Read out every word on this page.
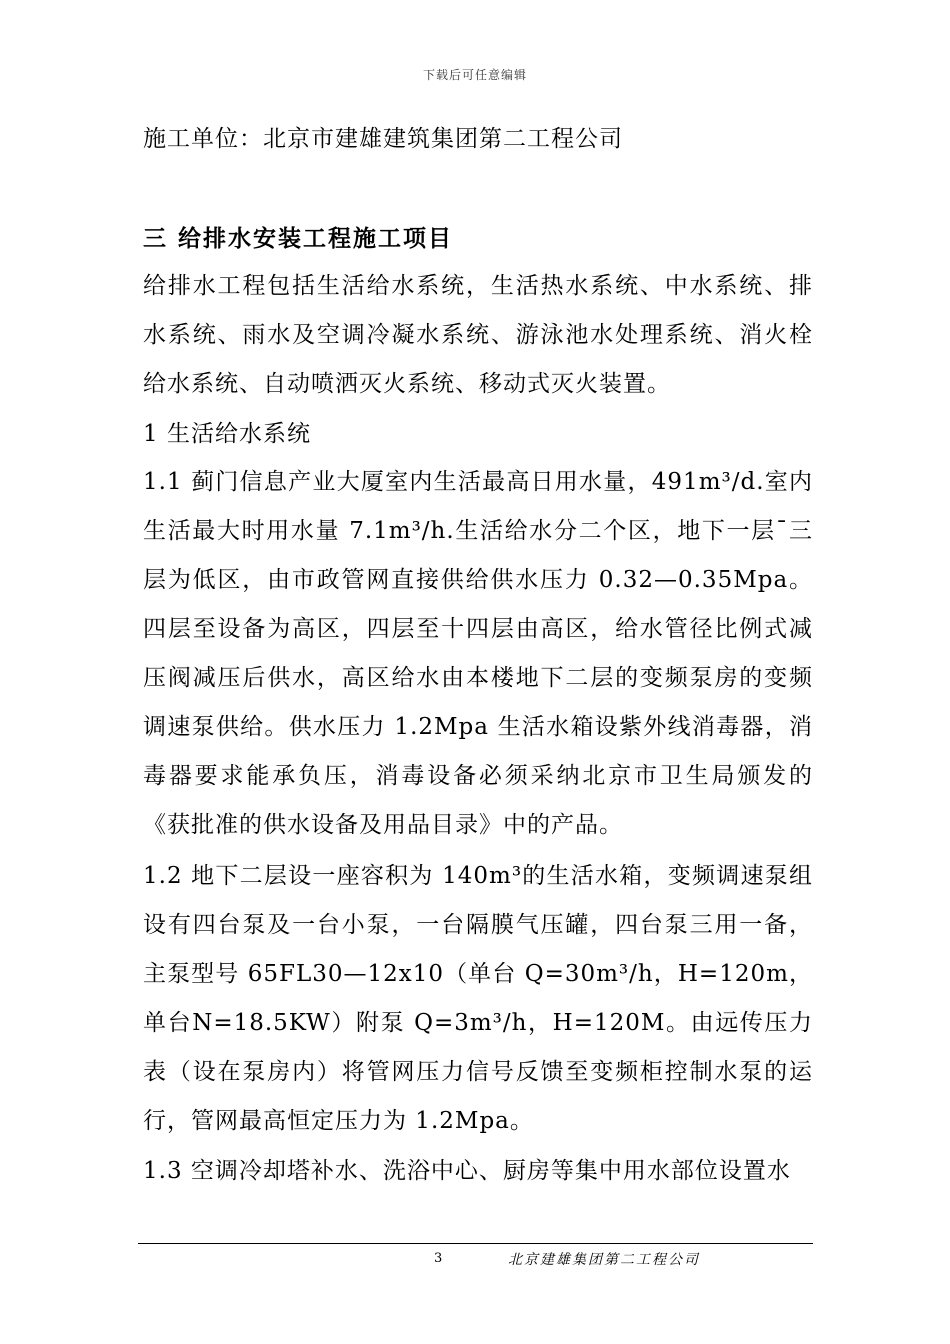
下载后可任意编辑
施工单位：北京市建雄建筑集团第二工程公司
三 给排水安装工程施工项目
给排水工程包括生活给水系统，生活热水系统、中水系统、排水系统、雨水及空调冷凝水系统、游泳池水处理系统、消火栓给水系统、自动喷洒灭火系统、移动式灭火装置。
1 生活给水系统
1.1 蓟门信息产业大厦室内生活最高日用水量，491m³/d.室内生活最大时用水量 7.1m³/h.生活给水分二个区，地下一层¯三层为低区，由市政管网直接供给供水压力 0.32—0.35Mpa。四层至设备为高区，四层至十四层由高区，给水管径比例式减压阀减压后供水，高区给水由本楼地下二层的变频泵房的变频调速泵供给。供水压力 1.2Mpa 生活水箱设紫外线消毒器，消毒器要求能承负压，消毒设备必须采纳北京市卫生局颁发的《获批准的供水设备及用品目录》中的产品。
1.2 地下二层设一座容积为 140m³的生活水箱，变频调速泵组设有四台泵及一台小泵，一台隔膜气压罐，四台泵三用一备，主泵型号 65FL30—12x10（单台 Q=30m³/h，H=120m，单台N=18.5KW）附泵 Q=3m³/h，H=120M。由远传压力表（设在泵房内）将管网压力信号反馈至变频柜控制水泵的运行，管网最高恒定压力为 1.2Mpa。
1.3 空调冷却塔补水、洗浴中心、厨房等集中用水部位设置水
3	北京建雄集团第二工程公司
